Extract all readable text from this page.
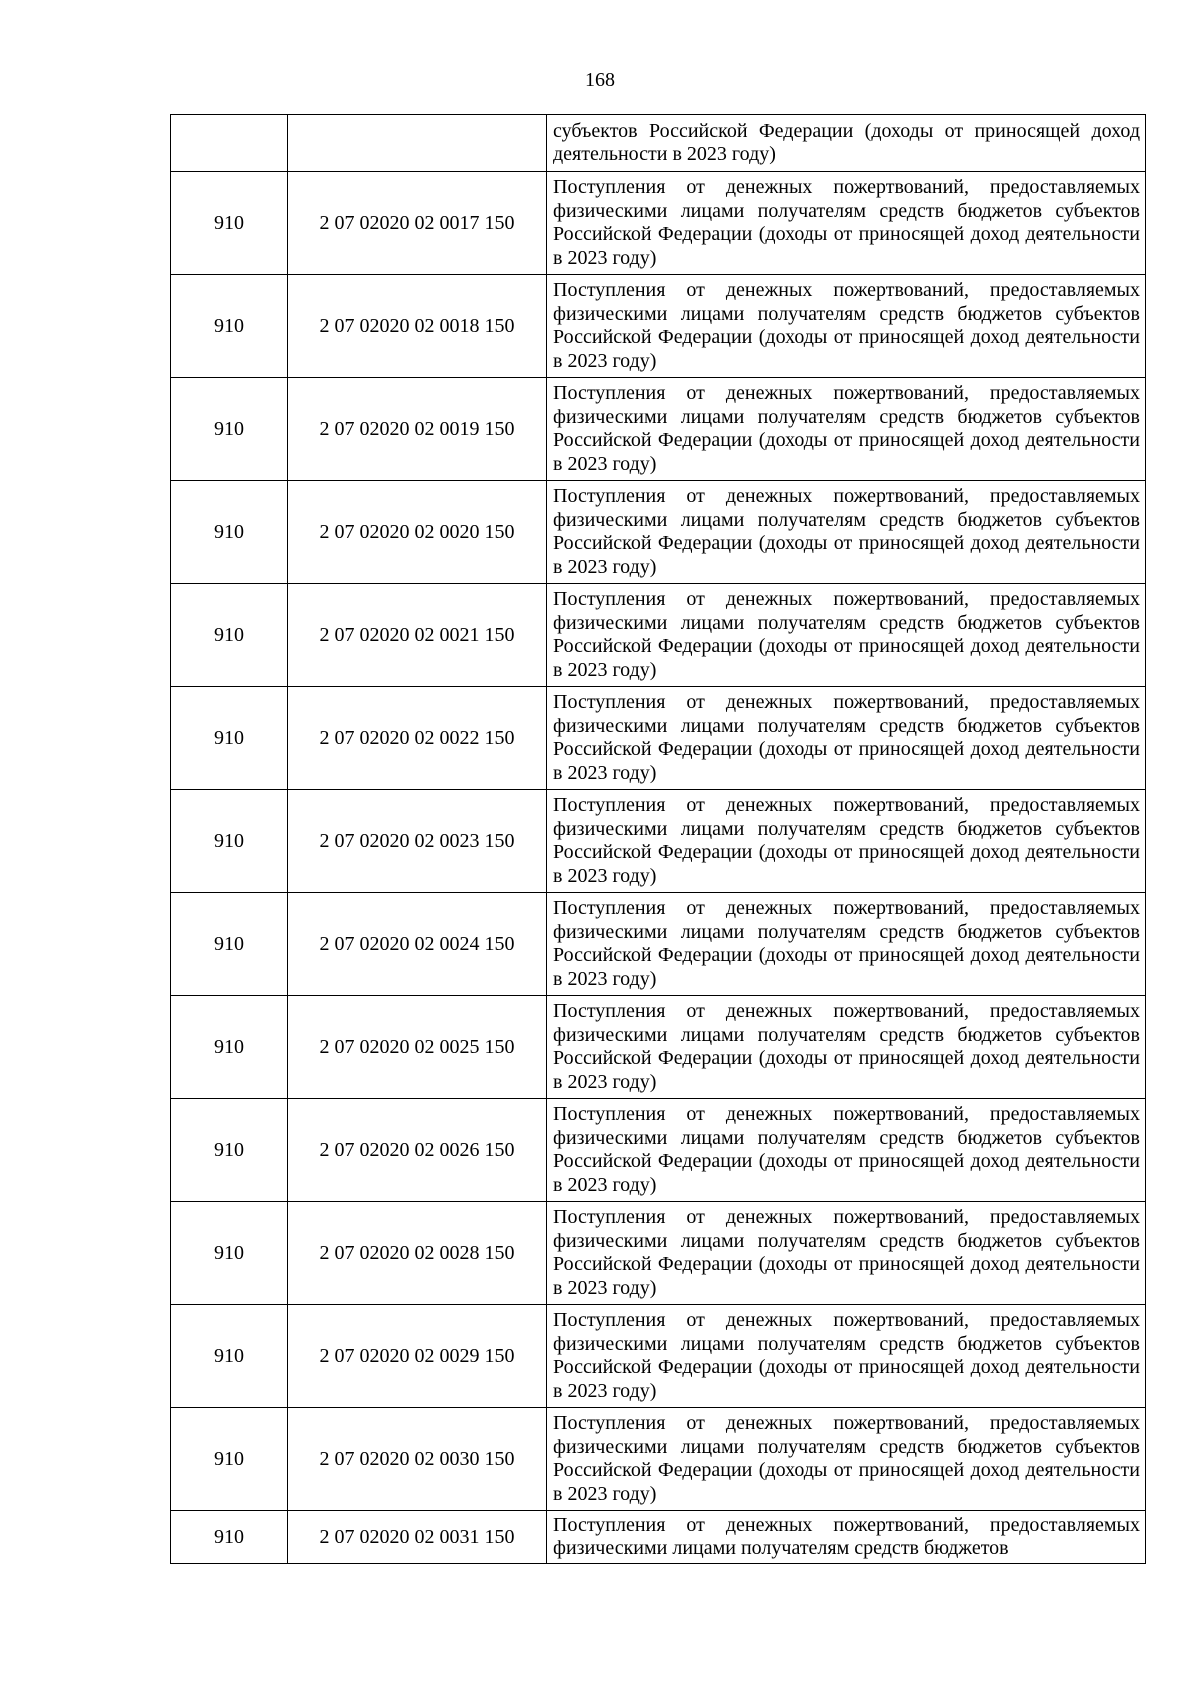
168
		субъектов Российской Федерации (доходы от приносящей доход деятельности в 2023 году)
910	2 07 02020 02 0017 150	Поступления от денежных пожертвований, предоставляемых физическими лицами получателям средств бюджетов субъектов Российской Федерации (доходы от приносящей доход деятельности в 2023 году)
910	2 07 02020 02 0018 150	Поступления от денежных пожертвований, предоставляемых физическими лицами получателям средств бюджетов субъектов Российской Федерации (доходы от приносящей доход деятельности в 2023 году)
910	2 07 02020 02 0019 150	Поступления от денежных пожертвований, предоставляемых физическими лицами получателям средств бюджетов субъектов Российской Федерации (доходы от приносящей доход деятельности в 2023 году)
910	2 07 02020 02 0020 150	Поступления от денежных пожертвований, предоставляемых физическими лицами получателям средств бюджетов субъектов Российской Федерации (доходы от приносящей доход деятельности в 2023 году)
910	2 07 02020 02 0021 150	Поступления от денежных пожертвований, предоставляемых физическими лицами получателям средств бюджетов субъектов Российской Федерации (доходы от приносящей доход деятельности в 2023 году)
910	2 07 02020 02 0022 150	Поступления от денежных пожертвований, предоставляемых физическими лицами получателям средств бюджетов субъектов Российской Федерации (доходы от приносящей доход деятельности в 2023 году)
910	2 07 02020 02 0023 150	Поступления от денежных пожертвований, предоставляемых физическими лицами получателям средств бюджетов субъектов Российской Федерации (доходы от приносящей доход деятельности в 2023 году)
910	2 07 02020 02 0024 150	Поступления от денежных пожертвований, предоставляемых физическими лицами получателям средств бюджетов субъектов Российской Федерации (доходы от приносящей доход деятельности в 2023 году)
910	2 07 02020 02 0025 150	Поступления от денежных пожертвований, предоставляемых физическими лицами получателям средств бюджетов субъектов Российской Федерации (доходы от приносящей доход деятельности в 2023 году)
910	2 07 02020 02 0026 150	Поступления от денежных пожертвований, предоставляемых физическими лицами получателям средств бюджетов субъектов Российской Федерации (доходы от приносящей доход деятельности в 2023 году)
910	2 07 02020 02 0028 150	Поступления от денежных пожертвований, предоставляемых физическими лицами получателям средств бюджетов субъектов Российской Федерации (доходы от приносящей доход деятельности в 2023 году)
910	2 07 02020 02 0029 150	Поступления от денежных пожертвований, предоставляемых физическими лицами получателям средств бюджетов субъектов Российской Федерации (доходы от приносящей доход деятельности в 2023 году)
910	2 07 02020 02 0030 150	Поступления от денежных пожертвований, предоставляемых физическими лицами получателям средств бюджетов субъектов Российской Федерации (доходы от приносящей доход деятельности в 2023 году)
910	2 07 02020 02 0031 150	Поступления от денежных пожертвований, предоставляемых физическими лицами получателям средств бюджетов
